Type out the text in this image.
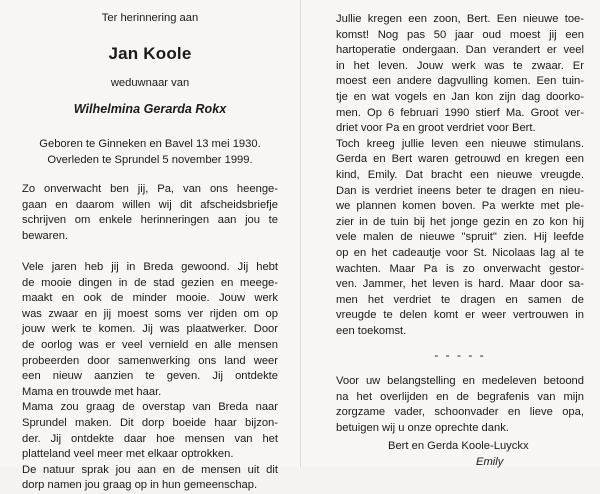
Ter herinnering aan
Jan Koole
weduwnaar van
Wilhelmina Gerarda Rokx
Geboren te Ginneken en Bavel 13 mei 1930.
Overleden te Sprundel 5 november 1999.
Zo onverwacht ben jij, Pa, van ons heenge-
gaan en daarom willen wij dit afscheidsbriefje
schrijven om enkele herinneringen aan jou te
bewaren.
Vele jaren heb jij in Breda gewoond. Jij hebt
de mooie dingen in de stad gezien en meege-
maakt en ook de minder mooie. Jouw werk
was zwaar en jij moest soms ver rijden om op
jouw werk te komen. Jij was plaatwerker. Door
de oorlog was er veel vernield en alle mensen
probeerden door samenwerking ons land weer
een nieuw aanzien te geven. Jij ontdekte
Mama en trouwde met haar.
Mama zou graag de overstap van Breda naar
Sprundel maken. Dit dorp boeide haar bijzon-
der. Jij ontdekte daar hoe mensen van het
platteland veel meer met elkaar optrokken.
De natuur sprak jou aan en de mensen uit dit
dorp namen jou graag op in hun gemeenschap.
Jullie kregen een zoon, Bert. Een nieuwe toe-
komst! Nog pas 50 jaar oud moest jij een
hartoperatie ondergaan. Dan verandert er veel
in het leven. Jouw werk was te zwaar. Er
moest een andere dagvulling komen. Een tuin-
tje en wat vogels en Jan kon zijn dag doorko-
men. Op 6 februari 1990 stierf Ma. Groot ver-
driet voor Pa en groot verdriet voor Bert.
Toch kreeg jullie leven een nieuwe stimulans.
Gerda en Bert waren getrouwd en kregen een
kind, Emily. Dat bracht een nieuwe vreugde.
Dan is verdriet ineens beter te dragen en nieu-
we plannen komen boven. Pa werkte met ple-
zier in de tuin bij het jonge gezin en zo kon hij
vele malen de nieuwe "spruit" zien. Hij leefde
op en het cadeautje voor St. Nicolaas lag al te
wachten. Maar Pa is zo onverwacht gestor-
ven. Jammer, het leven is hard. Maar door sa-
men het verdriet te dragen en samen de
vreugde te delen komt er weer vertrouwen in
een toekomst.
- - - - -
Voor uw belangstelling en medeleven betoond
na het overlijden en de begrafenis van mijn
zorgzame vader, schoonvader en lieve opa,
betuigen wij u onze oprechte dank.
Bert en Gerda Koole-Luyckx
Emily
